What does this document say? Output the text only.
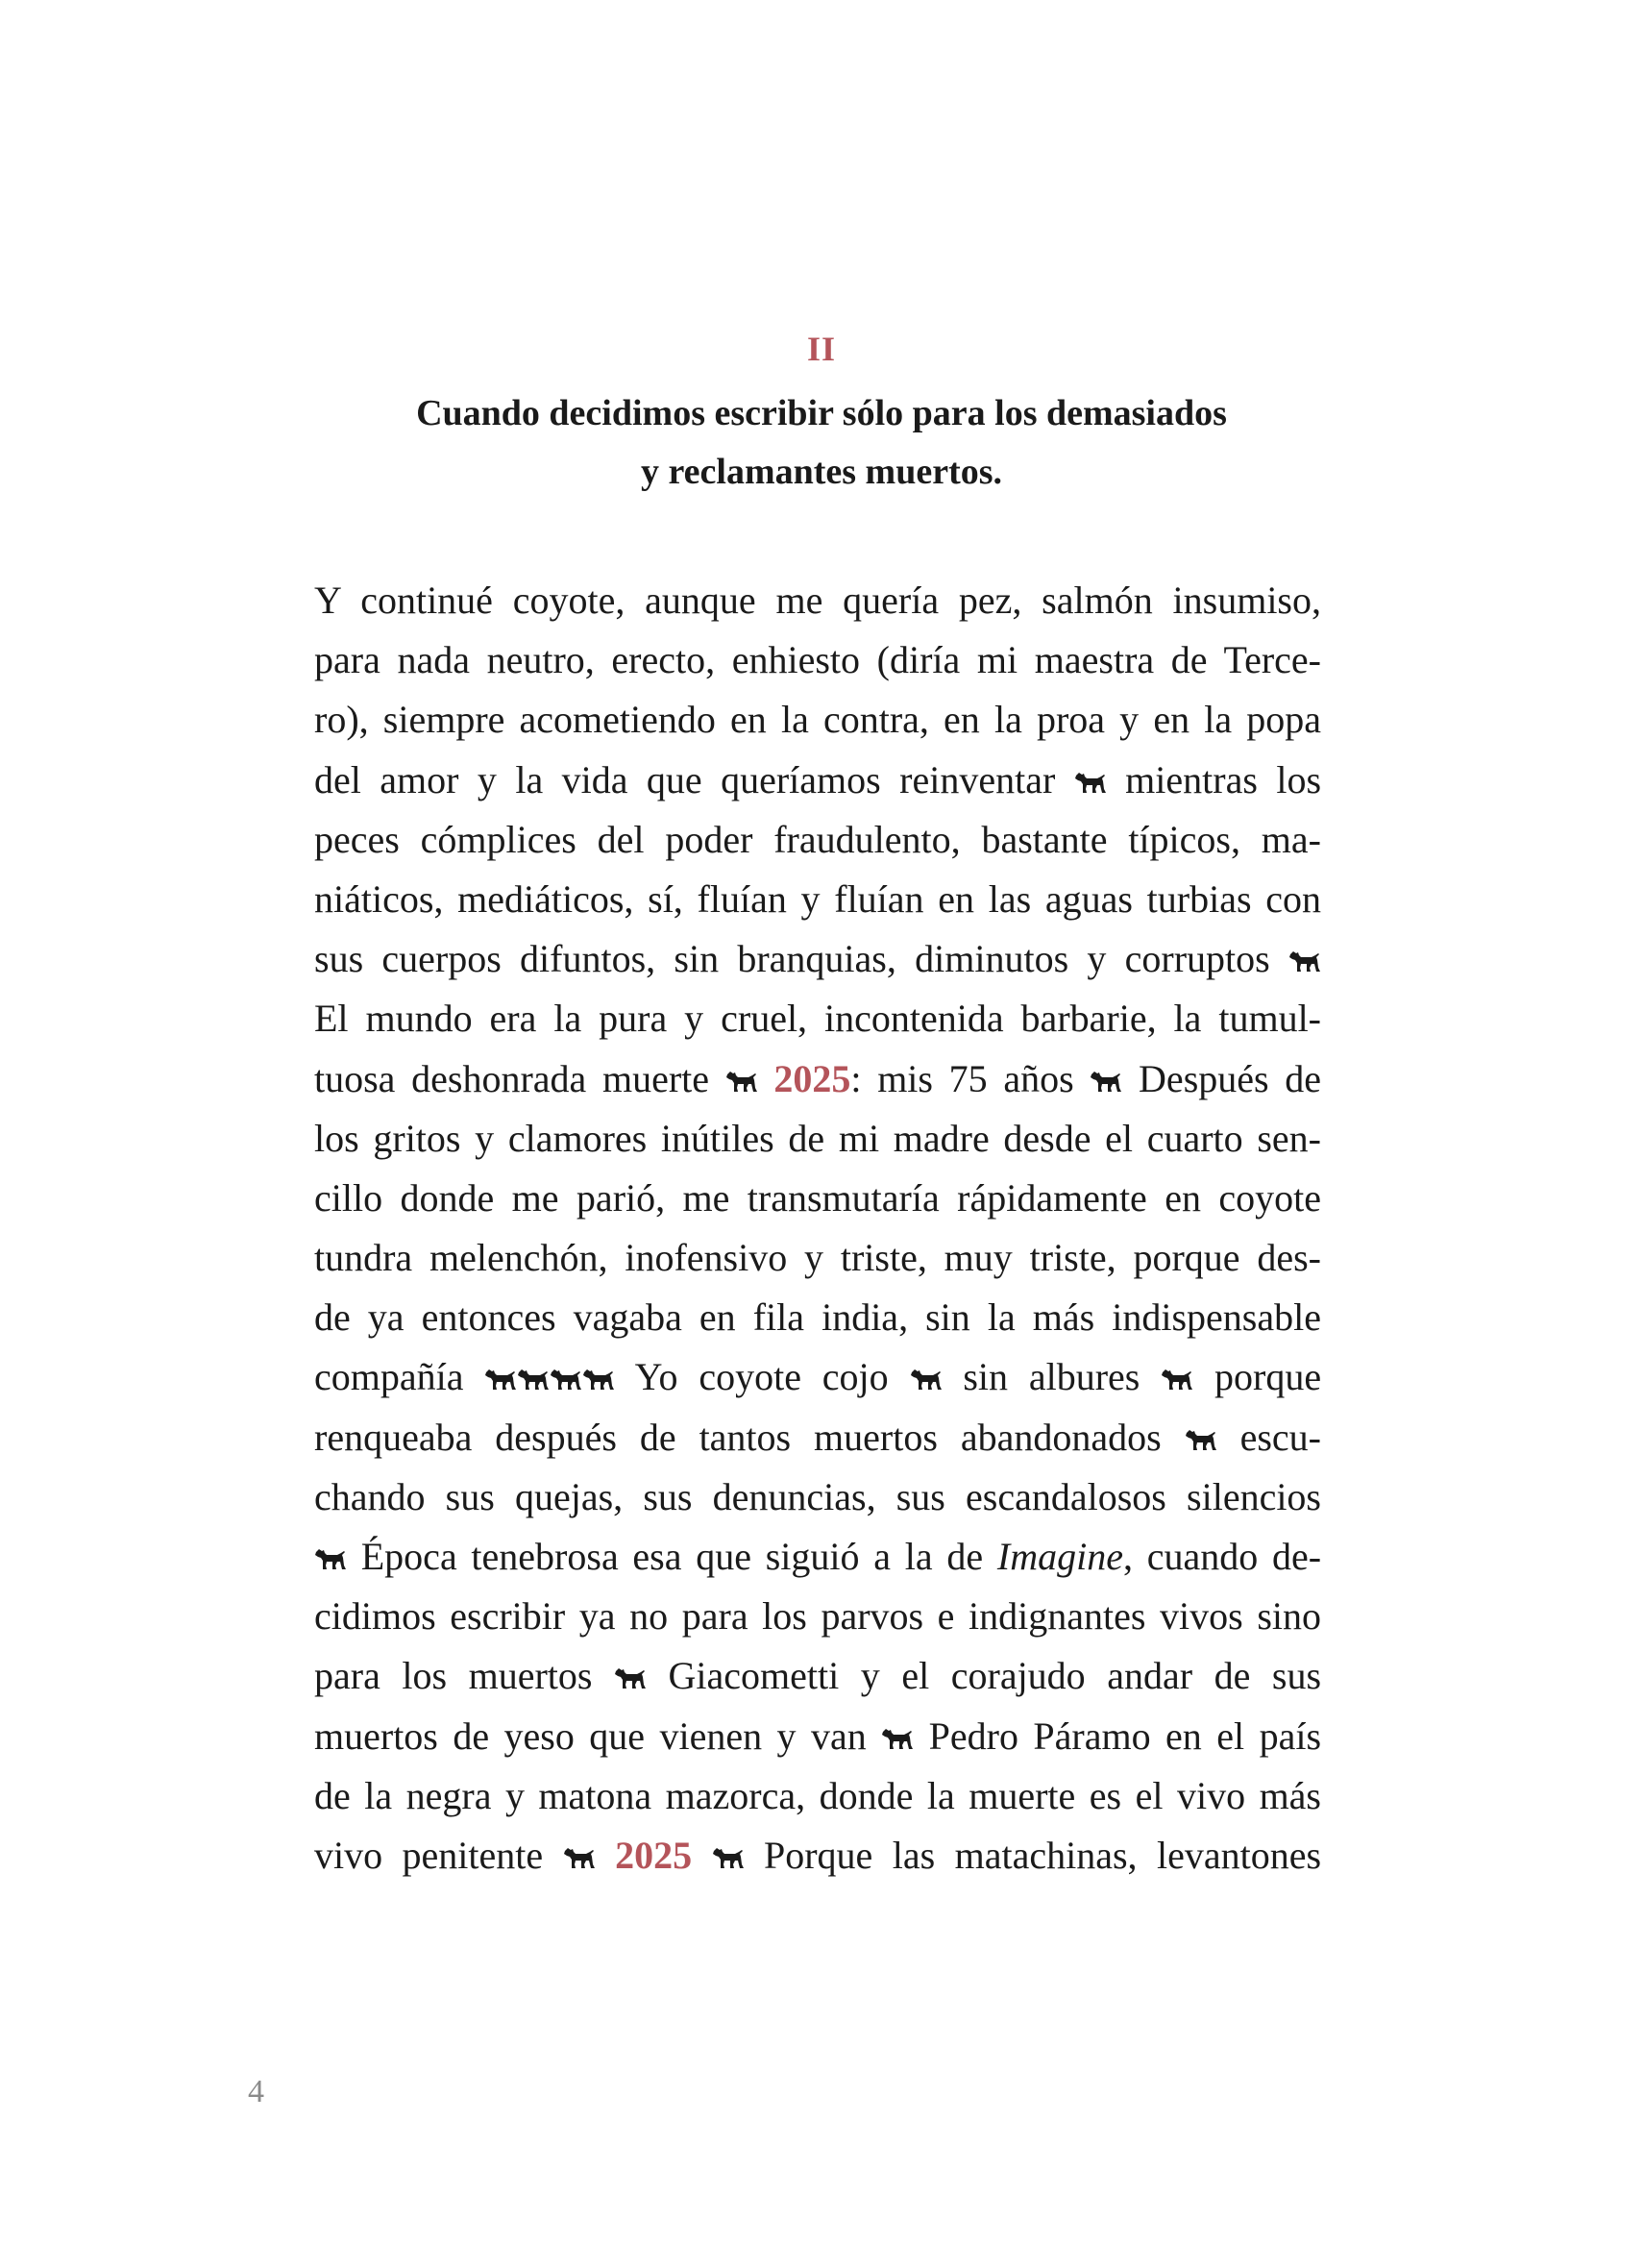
II
Cuando decidimos escribir sólo para los demasiados
y reclamantes muertos.
Y continué coyote, aunque me quería pez, salmón insumiso,
para nada neutro, erecto, enhiesto (diría mi maestra de Terce-
ro), siempre acometiendo en la contra, en la proa y en la popa
del amor y la vida que queríamos reinventar mientras los
peces cómplices del poder fraudulento, bastante típicos, ma-
niáticos, mediáticos, sí, fluían y fluían en las aguas turbias con
sus cuerpos difuntos, sin branquias, diminutos y corruptos
El mundo era la pura y cruel, incontenida barbarie, la tumul-
tuosa deshonrada muerte 2025: mis 75 años Después de
los gritos y clamores inútiles de mi madre desde el cuarto sen-
cillo donde me parió, me transmutaría rápidamente en coyote
tundra melenchón, inofensivo y triste, muy triste, porque des-
de ya entonces vagaba en fila india, sin la más indispensable
compañía	Yo coyote cojo sin albures porque
renqueaba después de tantos muertos abandonados escu-
chando sus quejas, sus denuncias, sus escandalosos silencios
Época tenebrosa esa que siguió a la de Imagine, cuando de-
cidimos escribir ya no para los parvos e indignantes vivos sino
para los muertos Giacometti y el corajudo andar de sus
muertos de yeso que vienen y van Pedro Páramo en el país
de la negra y matona mazorca, donde la muerte es el vivo más
vivo penitente 2025 Porque las matachinas, levantones
4
